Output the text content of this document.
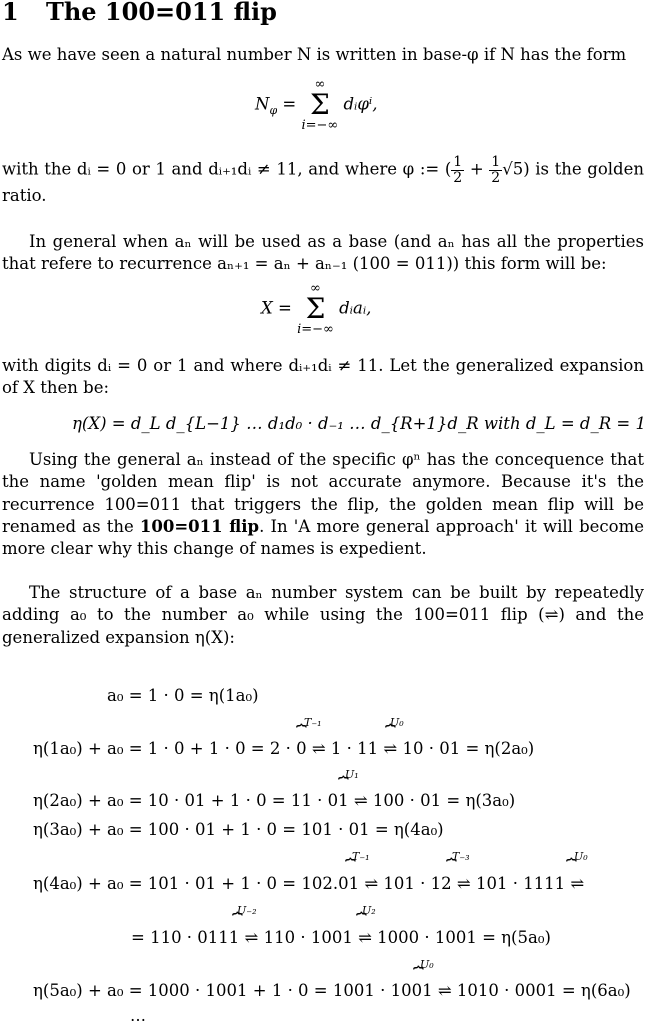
1 The 100=011 flip
As we have seen a natural number N is written in base-φ if N has the form
$N_\varphi$ =
∞
Σ
i=−∞
dᵢφⁱ,
with the dᵢ = 0 or 1 and dᵢ₊₁dᵢ ≠ 11, and where φ := ( $\frac{1}{2} + \frac{1}{2} √5$) is the golden ratio.
In general when aₙ will be used as a base (and aₙ has all the properties that refere to recurrence aₙ₊₁ = aₙ + aₙ₋₁ (100 = 011)) this form will be:
X =
∞
Σ
i=−∞
dᵢaᵢ,
with digits dᵢ = 0 or 1 and where dᵢ₊₁dᵢ ≠ 11. Let the generalized expansion of X then be:
η(X) = d_L d_{L−1} … d₁d₀ · d₋₁ … d_{R+1}d_R with d_L = d_R = 1
Using the general aₙ instead of the specific φⁿ has the concequence that the name 'golden mean flip' is not accurate anymore. Because it's the recurrence 100=011 that triggers the flip, the golden mean flip will be renamed as the 100=011 flip. In 'A more general approach' it will become more clear why this change of names is expedient.
The structure of a base aₙ number system can be built by repeatedly adding a₀ to the number a₀ while using the 100=011 flip (⇌) and the generalized expansion η(X):
a₀ = 1 · 0 = η(1a₀)
T₋₁
⏞
U₀
⏞
η(1a₀) + a₀ = 1 · 0 + 1 · 0 = 2 · 0 ⇌ 1 · 11 ⇌ 10 · 01 = η(2a₀)
U₁
⏞
η(2a₀) + a₀ = 10 · 01 + 1 · 0 = 11 · 01 ⇌ 100 · 01 = η(3a₀)
η(3a₀) + a₀ = 100 · 01 + 1 · 0 = 101 · 01 = η(4a₀)
T₋₁
⏞
T₋₃
⏞
U₀
⏞
η(4a₀) + a₀ = 101 · 01 + 1 · 0 = 102.01 ⇌ 101 · 12 ⇌ 101 · 1111 ⇌
U₋₂
⏞
U₂
⏞
= 110 · 0111 ⇌ 110 · 1001 ⇌ 1000 · 1001 = η(5a₀)
U₀
⏞
η(5a₀) + a₀ = 1000 · 1001 + 1 · 0 = 1001 · 1001 ⇌ 1010 · 0001 = η(6a₀)
…
